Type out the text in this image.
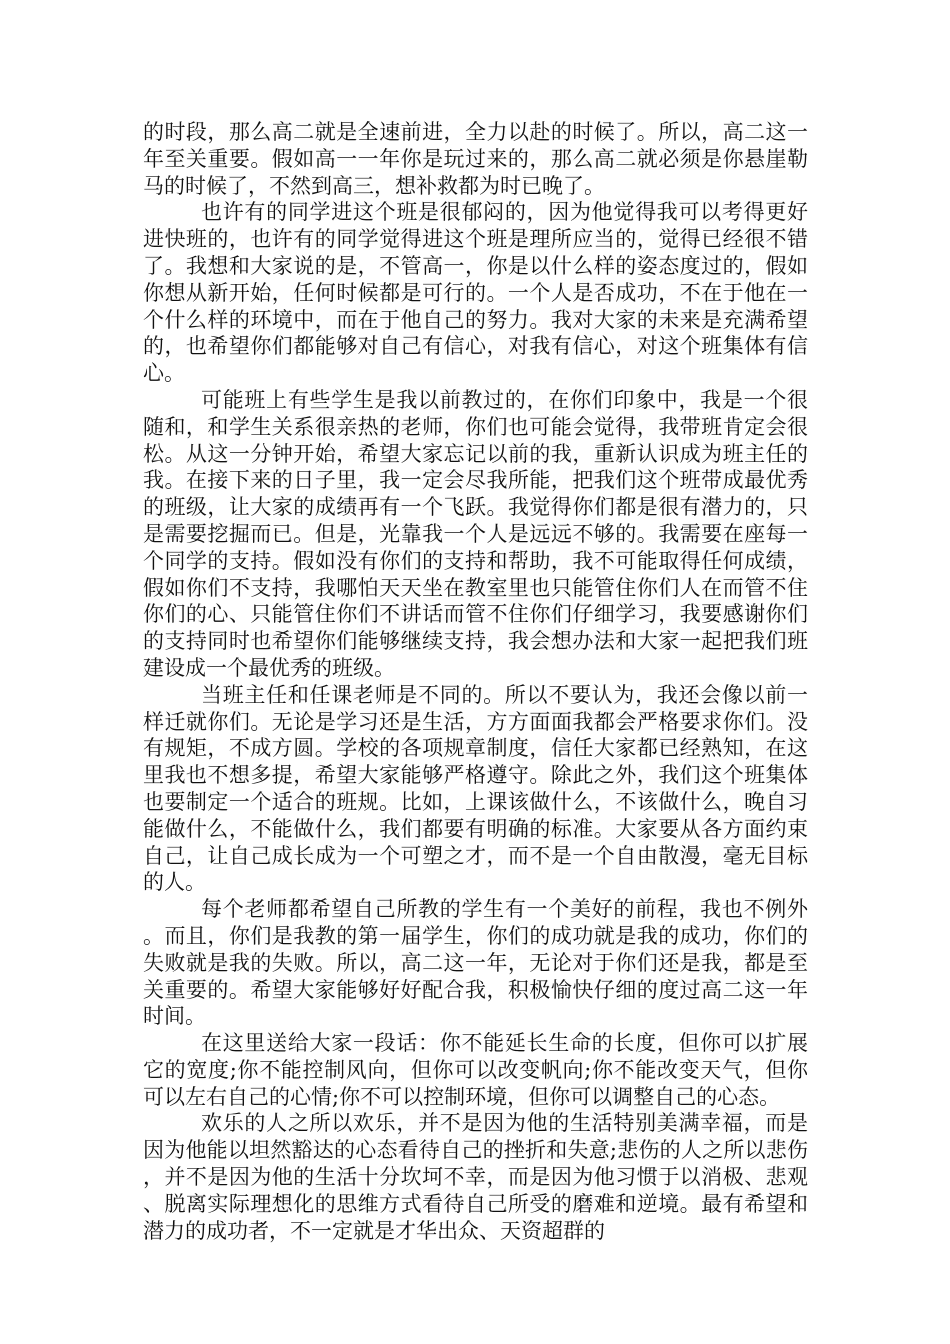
的时段，那么高二就是全速前进，全力以赴的时候了。所以，高二这一年至关重要。假如高一一年你是玩过来的，那么高二就必须是你悬崖勒马的时候了，不然到高三，想补救都为时已晚了。

也许有的同学进这个班是很郁闷的，因为他觉得我可以考得更好进快班的，也许有的同学觉得进这个班是理所应当的，觉得已经很不错了。我想和大家说的是，不管高一，你是以什么样的姿态度过的，假如你想从新开始，任何时候都是可行的。一个人是否成功，不在于他在一个什么样的环境中，而在于他自己的努力。我对大家的未来是充满希望的，也希望你们都能够对自己有信心，对我有信心，对这个班集体有信心。

可能班上有些学生是我以前教过的，在你们印象中，我是一个很随和，和学生关系很亲热的老师，你们也可能会觉得，我带班肯定会很松。从这一分钟开始，希望大家忘记以前的我，重新认识成为班主任的我。在接下来的日子里，我一定会尽我所能，把我们这个班带成最优秀的班级，让大家的成绩再有一个飞跃。我觉得你们都是很有潜力的，只是需要挖掘而已。但是，光靠我一个人是远远不够的。我需要在座每一个同学的支持。假如没有你们的支持和帮助，我不可能取得任何成绩，假如你们不支持，我哪怕天天坐在教室里也只能管住你们人在而管不住你们的心、只能管住你们不讲话而管不住你们仔细学习，我要感谢你们的支持同时也希望你们能够继续支持，我会想办法和大家一起把我们班建设成一个最优秀的班级。

当班主任和任课老师是不同的。所以不要认为，我还会像以前一样迁就你们。无论是学习还是生活，方方面面我都会严格要求你们。没有规矩，不成方圆。学校的各项规章制度，信任大家都已经熟知，在这里我也不想多提，希望大家能够严格遵守。除此之外，我们这个班集体也要制定一个适合的班规。比如，上课该做什么，不该做什么，晚自习能做什么，不能做什么，我们都要有明确的标准。大家要从各方面约束自己，让自己成长成为一个可塑之才，而不是一个自由散漫，毫无目标的人。

每个老师都希望自己所教的学生有一个美好的前程，我也不例外。而且，你们是我教的第一届学生，你们的成功就是我的成功，你们的失败就是我的失败。所以，高二这一年，无论对于你们还是我，都是至关重要的。希望大家能够好好配合我，积极愉快仔细的度过高二这一年时间。

在这里送给大家一段话：你不能延长生命的长度，但你可以扩展它的宽度;你不能控制风向，但你可以改变帆向;你不能改变天气，但你可以左右自己的心情;你不可以控制环境，但你可以调整自己的心态。

欢乐的人之所以欢乐，并不是因为他的生活特别美满幸福，而是因为他能以坦然豁达的心态看待自己的挫折和失意;悲伤的人之所以悲伤，并不是因为他的生活十分坎坷不幸，而是因为他习惯于以消极、悲观、脱离实际理想化的思维方式看待自己所受的磨难和逆境。最有希望和潜力的成功者，不一定就是才华出众、天资超群的
